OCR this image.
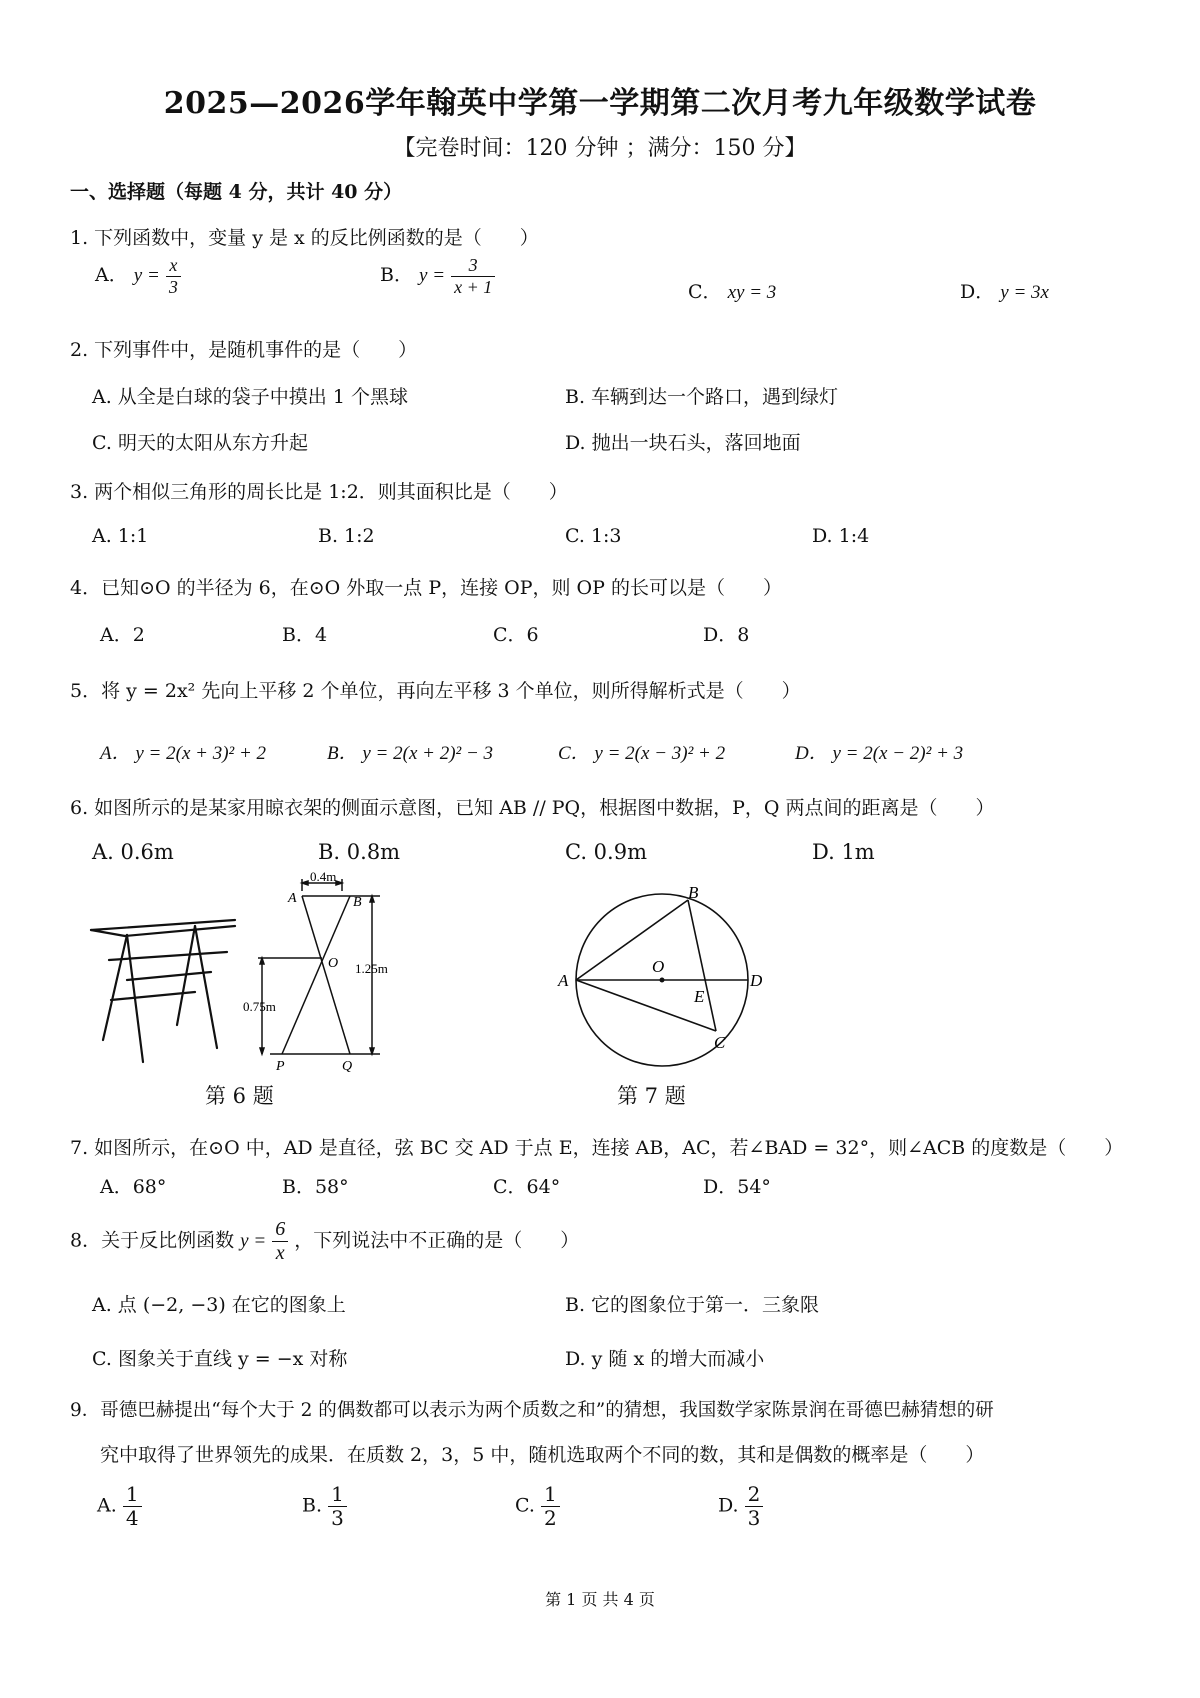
2025—2026学年翰英中学第一学期第二次月考九年级数学试卷
【完卷时间：120 分钟 ；满分：150 分】
一、选择题（每题 4 分，共计 40 分）
1. 下列函数中，变量 y 是 x 的反比例函数的是（　　）
A． $y = \frac{x}{3}$	B． $y = \frac{3}{x + 1}$	C． xy = 3	D． y = 3x
2. 下列事件中，是随机事件的是（　　）
A. 从全是白球的袋子中摸出 1 个黑球	B. 车辆到达一个路口，遇到绿灯
C. 明天的太阳从东方升起	D. 抛出一块石头，落回地面
3. 两个相似三角形的周长比是 1:2．则其面积比是（　　）
A. 1:1	B. 1:2	C. 1:3	D. 1:4
4．已知⊙O 的半径为 6，在⊙O 外取一点 P，连接 OP，则 OP 的长可以是（　　）
A．2	B．4	C．6	D．8
5．将 y = 2x² 先向上平移 2 个单位，再向左平移 3 个单位，则所得解析式是（　　）
A． y = 2(x + 3)² + 2	B． y = 2(x + 2)² − 3	C． y = 2(x − 3)² + 2	D． y = 2(x − 2)² + 3
6. 如图所示的是某家用晾衣架的侧面示意图，已知 AB // PQ，根据图中数据，P，Q 两点间的距离是（　　）
A. 0.6m	B. 0.8m	C. 0.9m	D. 1m
0.4m
A	B
O
0.75m
1.25m
P	Q
第 6 题
A
B
C
D
E
O
第 7 题
7. 如图所示，在⊙O 中，AD 是直径，弦 BC 交 AD 于点 E，连接 AB，AC，若∠BAD = 32°，则∠ACB 的度数是（　　）
A．68°	B．58°	C．64°	D．54°
8．关于反比例函数 $y = \frac{6}{x}$ ，下列说法中不正确的是（　　）
A. 点 (−2, −3) 在它的图象上	B. 它的图象位于第一．三象限
C. 图象关于直线 y = −x 对称	D. y 随 x 的增大而减小
9．哥德巴赫提出“每个大于 2 的偶数都可以表示为两个质数之和”的猜想，我国数学家陈景润在哥德巴赫猜想的研
究中取得了世界领先的成果．在质数 2，3，5 中，随机选取两个不同的数，其和是偶数的概率是（　　）
A. $\frac{1}{4}$	B. $\frac{1}{3}$	C. $\frac{1}{2}$	D. $\frac{2}{3}$
第 1 页 共 4 页
